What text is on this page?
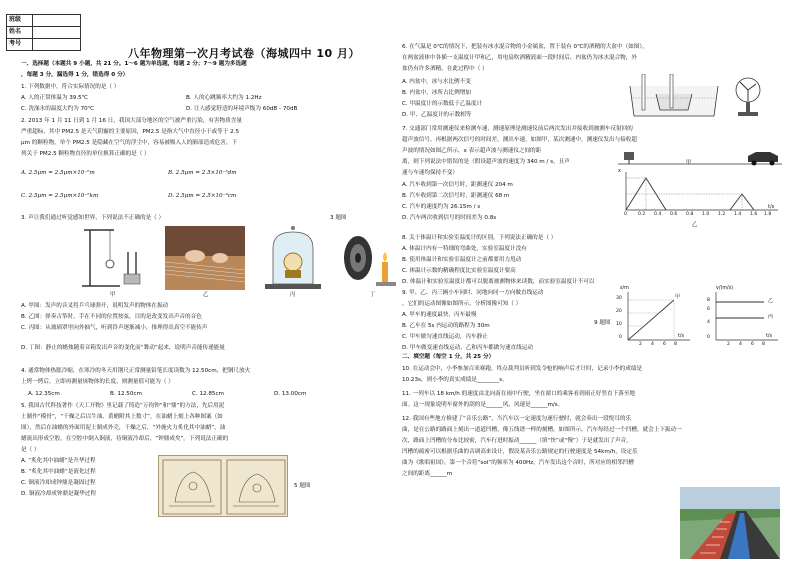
班级	
姓名	
考号	
八年物理第一次月考试卷（海城四中 10 月）
一、选择题（本题共 9 小题，共 21 分。1～6 题为单选题，每题 2 分；7～9 题为多选题
，每题 3 分，漏选得 1 分，错选得 0 分）
1. 下列数据中，符合实际情况的是（ ）
A. 人的正常体温为 39.5℃	B. 人的心跳频率大约为 1.2Hz
C. 洗澡水的温度大约为 70℃	D. 让人感觉舒适的环境声级为 60dB - 70dB
2. 2013 年 1 月 11 日到 1 月 16 日，我国大部分地区的空气被严重污染，有害物质含量
严重超标，其中 PM2.5 是天气阴霾的主要原因，PM2.5 是指大气中直径小于或等于 2.5
μm 的颗粒物，单个 PM2.5 是隐藏在空气的浮尘中，容易被吸入人的肺部造成危害，下
列关于 PM2.5 颗粒物直径的单位换算正确的是（ ）
A. 2.5μm = 2.5μm×10⁻⁶m	B. 2.5μm = 2.5×10⁻⁵dm
C. 2.5μm = 2.5μm×10⁻⁶km	D. 2.5μm = 2.5×10⁻⁹cm
3. 声让我们通过听觉感知世界，下列说法不正确的是（ ）	3 题图
甲	乙	丙	丁
A. 甲图：发声的音叉将乒乓球弹开，说明发声的物体在振动
B. 乙图：弹奏古筝时，手在不同的位置按弦，目的是改变发出声音的音色
C. 丙图：从玻璃罩里向外抽气，听到铃声逐渐减小，推理得出真空不能传声
D. 丁图：静止的蜡烛随着音箱发出声音的变化而“舞动”起来，说明声音能传递能量
4. 通常物体热胀冷缩，在寒冷的冬天用钢尺正常测量铅笔长度读数为 12.50cm，把钢尺放火
上烤一烤后，立即再测量该物体的长度，则测量值可能为（ ）
A. 12.35cm	B. 12.50cm	C. 12.85cm	D. 13.00cm
5. 我国古代科技著作《天工开物》里记载了铸造“万钧钟”和“鼎”的方法，先后用泥
土制作“模骨”，“干燥之后以牛油、黄蜡附其上数寸”，在油蜡上刻上各种图案（如
图），然后在油蜡的外面用泥土制成外壳，干燥之后，“外施火力炙化其中油蜡”，油
蜡流出形成空腔，在空腔中倒入铜液，待铜液冷却后，“钟鼎成矣”。下列说法正确的
是（ ）
A. “炙化其中油蜡”是升华过程
B. “炙化其中油蜡”是液化过程
C. 铜液冷却成钟鼎是凝固过程
D. 铜液冷却成钟鼎是凝华过程
5 题图
6. 在气温是 0℃的情况下，把装有冰水混合物的小金属盆，置于装有 0℃的酒精的大盆中（如图），
在两盆液体中各插一支温度计甲和乙，用电扇吹酒精液面一段时间后，内盆仍为冰水混合物，外
盆仍有许多酒精，在此过程中（ ）
A. 内盆中，冰与水比例不变
B. 内盆中，冰所占比例增加
C. 甲温度计的示数低于乙温度计
D. 甲、乙温度计的示数相等
7. 交通部门常用测速仪来检测车速，测速原理是测速仪前后两次发出并接收到被测车反射回的
超声波信号，再根据两次信号的时间差，测出车速，如图甲，某次测速中，测速仪发出与接收超
声波的情况如图乙所示，x 表示超声波与测速仪之间的距
离，则下列说法中错误的是（假设超声波的速度为 340 m / s，且声
速与车速均保持不变）
A. 汽车收到第一次信号时，距测速仪 204 m
B. 汽车收到第二次信号时，距测速仪 68 m
C. 汽车的速度约为 26.15m / s
D. 汽车两次收到信号的时间差为 0.8s
甲
x
0 0.2 0.4 0.6 0.8 1.0 1.2 1.4 1.6 1.8
t/s
乙
8. 关于体温计和实验室温度计的区别，下列说法正确的是（ ）
A. 体温计内有一特细的弯曲处，实验室温度计没有
B. 使用体温计和实验室温度计之前都要用力甩动
C. 体温计示数的精确程度比实验室温度计要高
D. 体温计和实验室温度计都可以脱离被测物体来读数，而实验室温度计不可以
9. 甲、乙、丙三辆小车同时、同地向同一方向做直线运动
，它们的运动图像如图所示，分析图像可知（ ）
A. 甲车的速度最快，丙车最慢
B. 乙车在 5s 内运动的路程为 30m
C. 甲车做匀速直线运动，丙车静止
D. 甲车做变速直线运动，乙和丙车都做匀速直线运动
9 题图
s/m
t/s
甲
0
10
20
30
2 4 6 8
v/(m/s)
t/s
乙
丙
0
4
6
8
2 4 6 8
二、填空题（每空 1 分，共 25 分）
10. 在运动会中，小李参加百米赛跑，终点裁判员听到发令枪的响声后才计时，记录小李的成绩是
10.23s，则小李的真实成绩是________s。
11. 一列车以 18 km/h 的速度由北向南在雨中行驶，坐在窗口的乘客看到雨正好竖直下落至地
面。这一现象说明车窗外的刮的是______风，风速是______m/s。
12. 我国有些地方修建了“音乐公路”，当汽车以一定速度匀速行驶时，就会奏出一段悦耳的乐
曲，是在公路的路面上刻出一道道凹槽，像五线谱一样的刻槽，如图所示，汽车每经过一个凹槽，就会上下振动一
次，路面上凹槽的分布比较密，汽车行进时振动______（填“快”或“慢”）于是就发出了声音，
凹槽的疏密可以根据乐曲的音调高来设计，假设某音乐公路规定的行驶速度是 54km/h，设定乐
曲为《歌唱祖国》，第一个音符“sol”的频率为 400Hz，汽车发出这个音时，所对应的相邻凹槽
之间的距离______m
